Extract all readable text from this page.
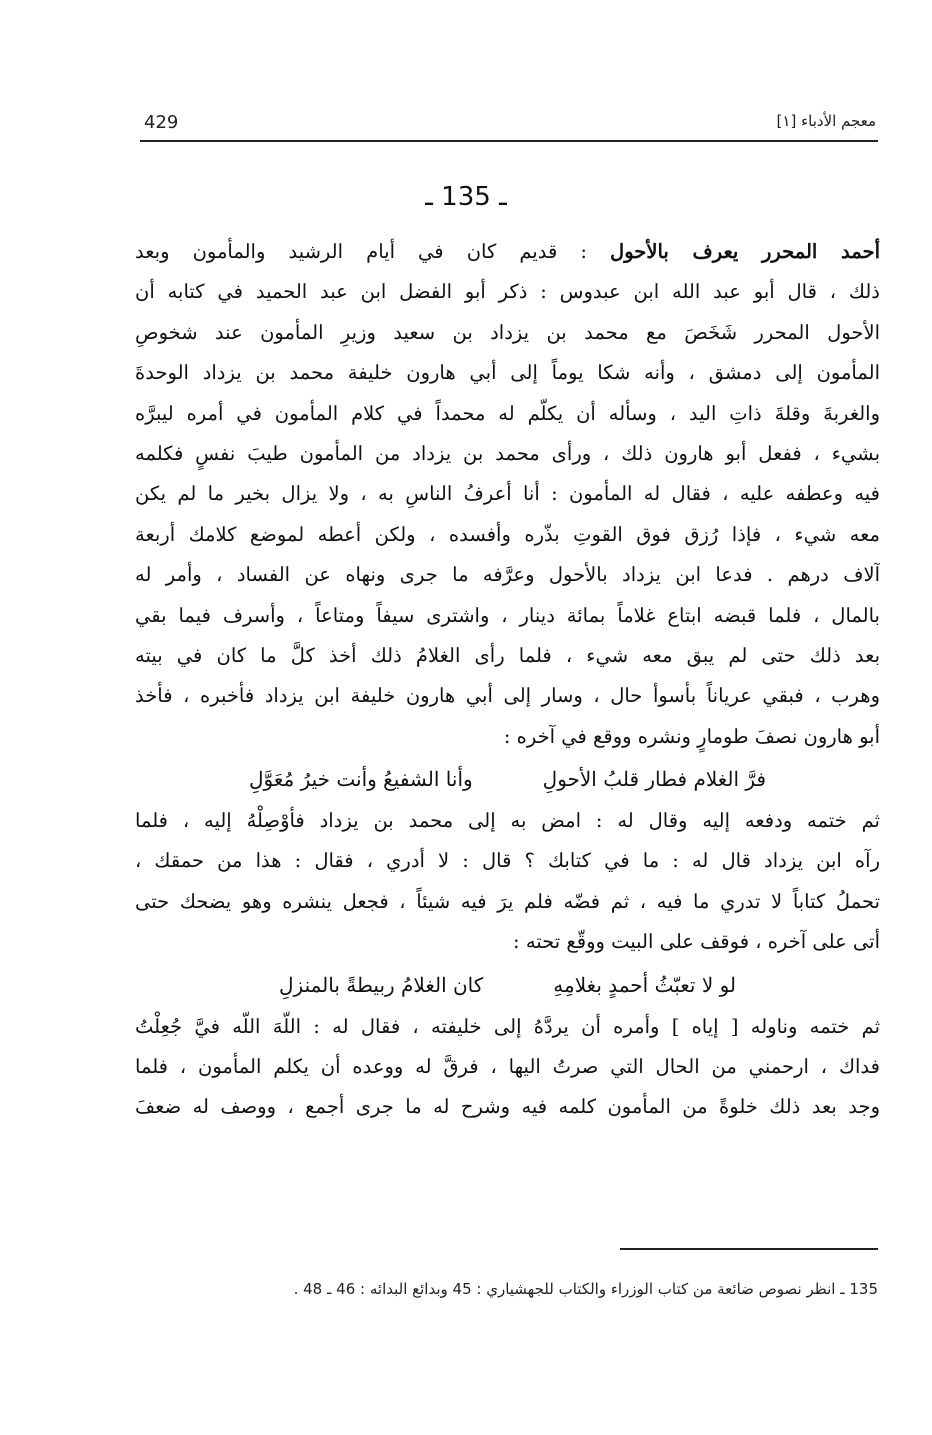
429	معجم الأدباء [١]
ـ 135 ـ
أحمد المحرر يعرف بالأحول : قديم كان في أيام الرشيد والمأمون وبعد
ذلك ، قال أبو عبد الله ابن عبدوس : ذكر أبو الفضل ابن عبد الحميد في كتابه أن
الأحول المحرر شَخَصَ مع محمد بن يزداد بن سعيد وزيرِ المأمون عند شخوصِ
المأمون إلى دمشق ، وأنه شكا يوماً إلى أبي هارون خليفة محمد بن يزداد الوحدةَ
والغربةَ وقلةَ ذاتِ اليد ، وسأله أن يكلّم له محمداً في كلام المأمون في أمره ليبرَّه
بشيء ، ففعل أبو هارون ذلك ، ورأى محمد بن يزداد من المأمون طيبَ نفسٍ فكلمه
فيه وعطفه عليه ، فقال له المأمون : أنا أعرفُ الناسِ به ، ولا يزال بخير ما لم يكن
معه شيء ، فإذا رُزق فوق القوتِ بذّره وأفسده ، ولكن أعطه لموضع كلامك أربعة
آلاف درهم . فدعا ابن يزداد بالأحول وعرَّفه ما جرى ونهاه عن الفساد ، وأمر له
بالمال ، فلما قبضه ابتاع غلاماً بمائة دينار ، واشترى سيفاً ومتاعاً ، وأسرف فيما بقي
بعد ذلك حتى لم يبق معه شيء ، فلما رأى الغلامُ ذلك أخذ كلَّ ما كان في بيته
وهرب ، فبقي عرياناً بأسوأ حال ، وسار إلى أبي هارون خليفة ابن يزداد فأخبره ، فأخذ
أبو هارون نصفَ طومارٍ ونشره ووقع في آخره :
فرَّ الغلام فطار قلبُ الأحولِ
وأنا الشفيعُ وأنت خيرُ مُعَوَّلِ
ثم ختمه ودفعه إليه وقال له : امض به إلى محمد بن يزداد فأوْصِلْهُ إليه ، فلما
رآه ابن يزداد قال له : ما في كتابك ؟ قال : لا أدري ، فقال : هذا من حمقك ،
تحملُ كتاباً لا تدري ما فيه ، ثم فضّه فلم يرَ فيه شيئاً ، فجعل ينشره وهو يضحك حتى
أتى على آخره ، فوقف على البيت ووقّع تحته :
لو لا تعبّثُ أحمدٍ بغلامِهِ
كان الغلامُ ربيطةً بالمنزلِ
ثم ختمه وناوله [ إياه ] وأمره أن يردَّهُ إلى خليفته ، فقال له : اللّهَ اللّه فيَّ جُعِلْتُ
فداك ، ارحمني من الحال التي صرتُ اليها ، فرقَّ له ووعده أن يكلم المأمون ، فلما
وجد بعد ذلك خلوةً من المأمون كلمه فيه وشرح له ما جرى أجمع ، ووصف له ضعفَ
135 ـ انظر نصوص ضائعة من كتاب الوزراء والكتاب للجهشياري : 45 وبدائع البدائه : 46 ـ 48 .
